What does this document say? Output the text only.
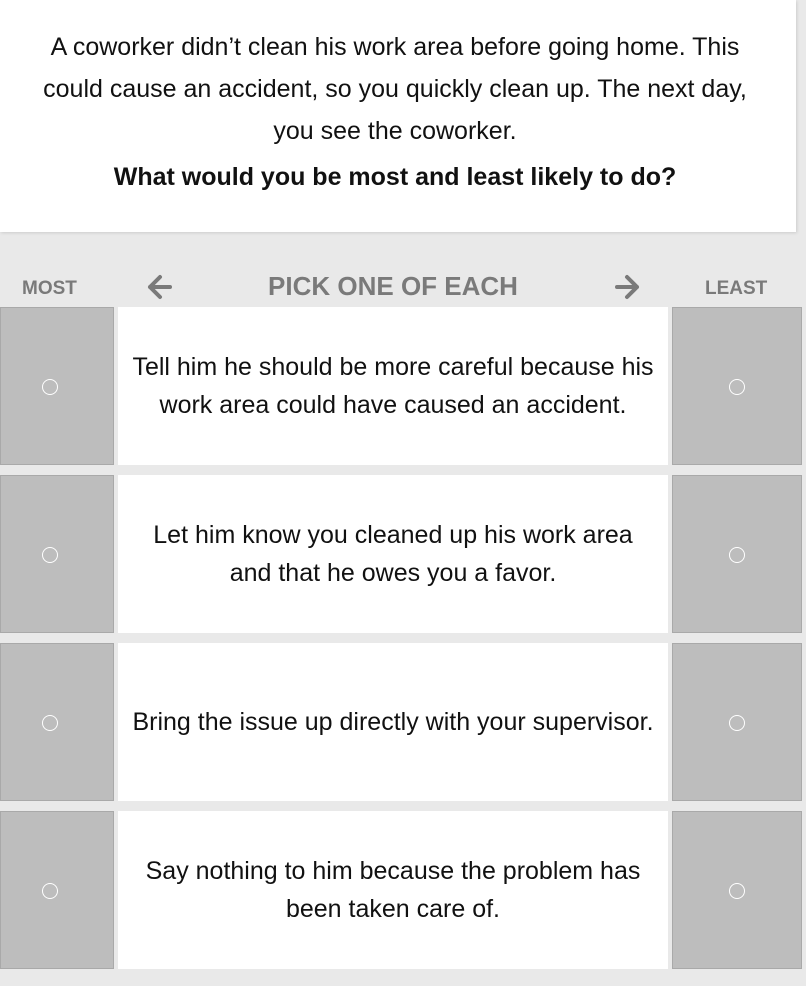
A coworker didn’t clean his work area before going home. This could cause an accident, so you quickly clean up. The next day, you see the coworker.
What would you be most and least likely to do?
MOST	PICK ONE OF EACH	LEAST
Tell him he should be more careful because his work area could have caused an accident.
Let him know you cleaned up his work area and that he owes you a favor.
Bring the issue up directly with your supervisor.
Say nothing to him because the problem has been taken care of.
